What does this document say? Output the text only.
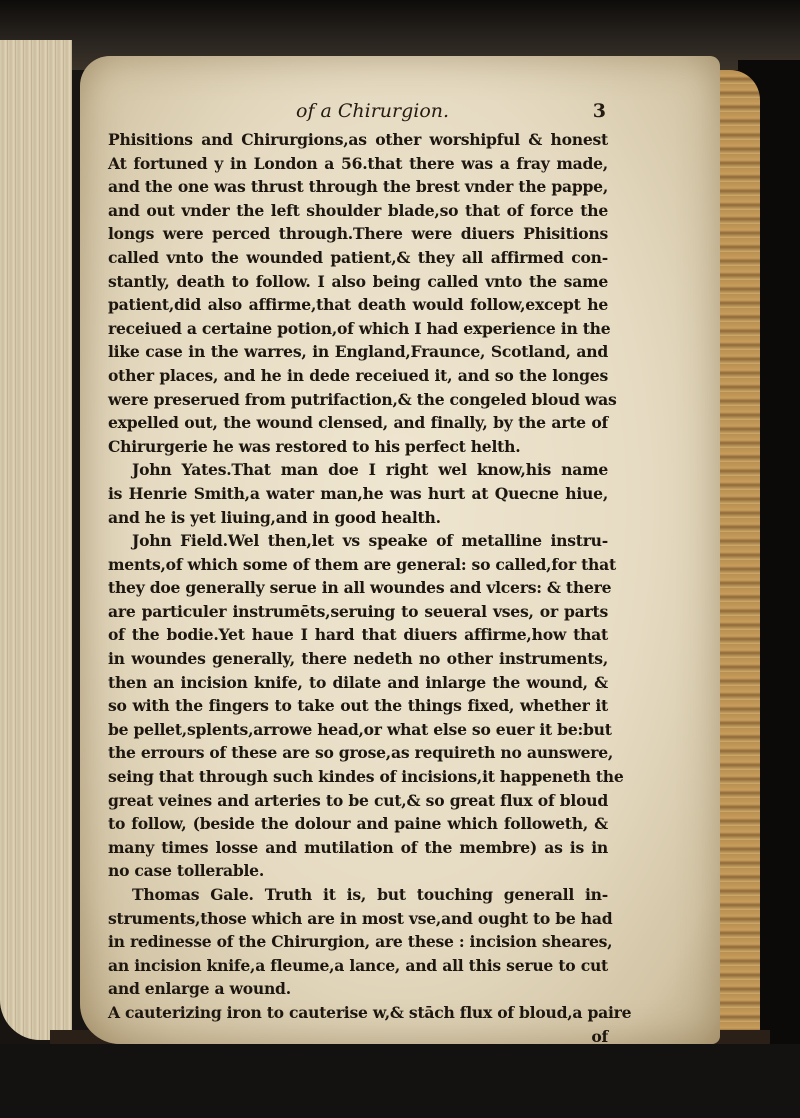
of a Chirurgion.	3
Phisitions and Chirurgions,as other worshipful & honest
At fortuned y in London a 56.that there was a fray made,
and the one was thrust through the brest vnder the pappe,
and out vnder the left shoulder blade,so that of force the
longs were perced through.There were diuers Phisitions
called vnto the wounded patient,& they all affirmed con-
stantly, death to follow. I also being called vnto the same
patient,did also affirme,that death would follow,except he
receiued a certaine potion,of which I had experience in the
like case in the warres, in England,Fraunce, Scotland, and
other places, and he in dede receiued it, and so the longes
were preserued from putrifaction,& the congeled bloud was
expelled out, the wound clensed, and finally, by the arte of
Chirurgerie he was restored to his perfect helth.
John Yates.That man doe I right wel know,his name
is Henrie Smith,a water man,he was hurt at Quecne hiue,
and he is yet liuing,and in good health.
John Field.Wel then,let vs speake of metalline instru-
ments,of which some of them are general: so called,for that
they doe generally serue in all woundes and vlcers: & there
are particuler instrumēts,seruing to seueral vses, or parts
of the bodie.Yet haue I hard that diuers affirme,how that
in woundes generally, there nedeth no other instruments,
then an incision knife, to dilate and inlarge the wound, &
so with the fingers to take out the things fixed, whether it
be pellet,splents,arrowe head,or what else so euer it be:but
the errours of these are so grose,as requireth no aunswere,
seing that through such kindes of incisions,it happeneth the
great veines and arteries to be cut,& so great flux of bloud
to follow, (beside the dolour and paine which followeth, &
many times losse and mutilation of the membre) as is in
no case tollerable.
Thomas Gale. Truth it is, but touching generall in-
struments,those which are in most vse,and ought to be had
in redinesse of the Chirurgion, are these : incision sheares,
an incision knife,a fleume,a lance, and all this serue to cut
and enlarge a wound.
A cauterizing iron to cauterise w,& stāch flux of bloud,a paire
of
